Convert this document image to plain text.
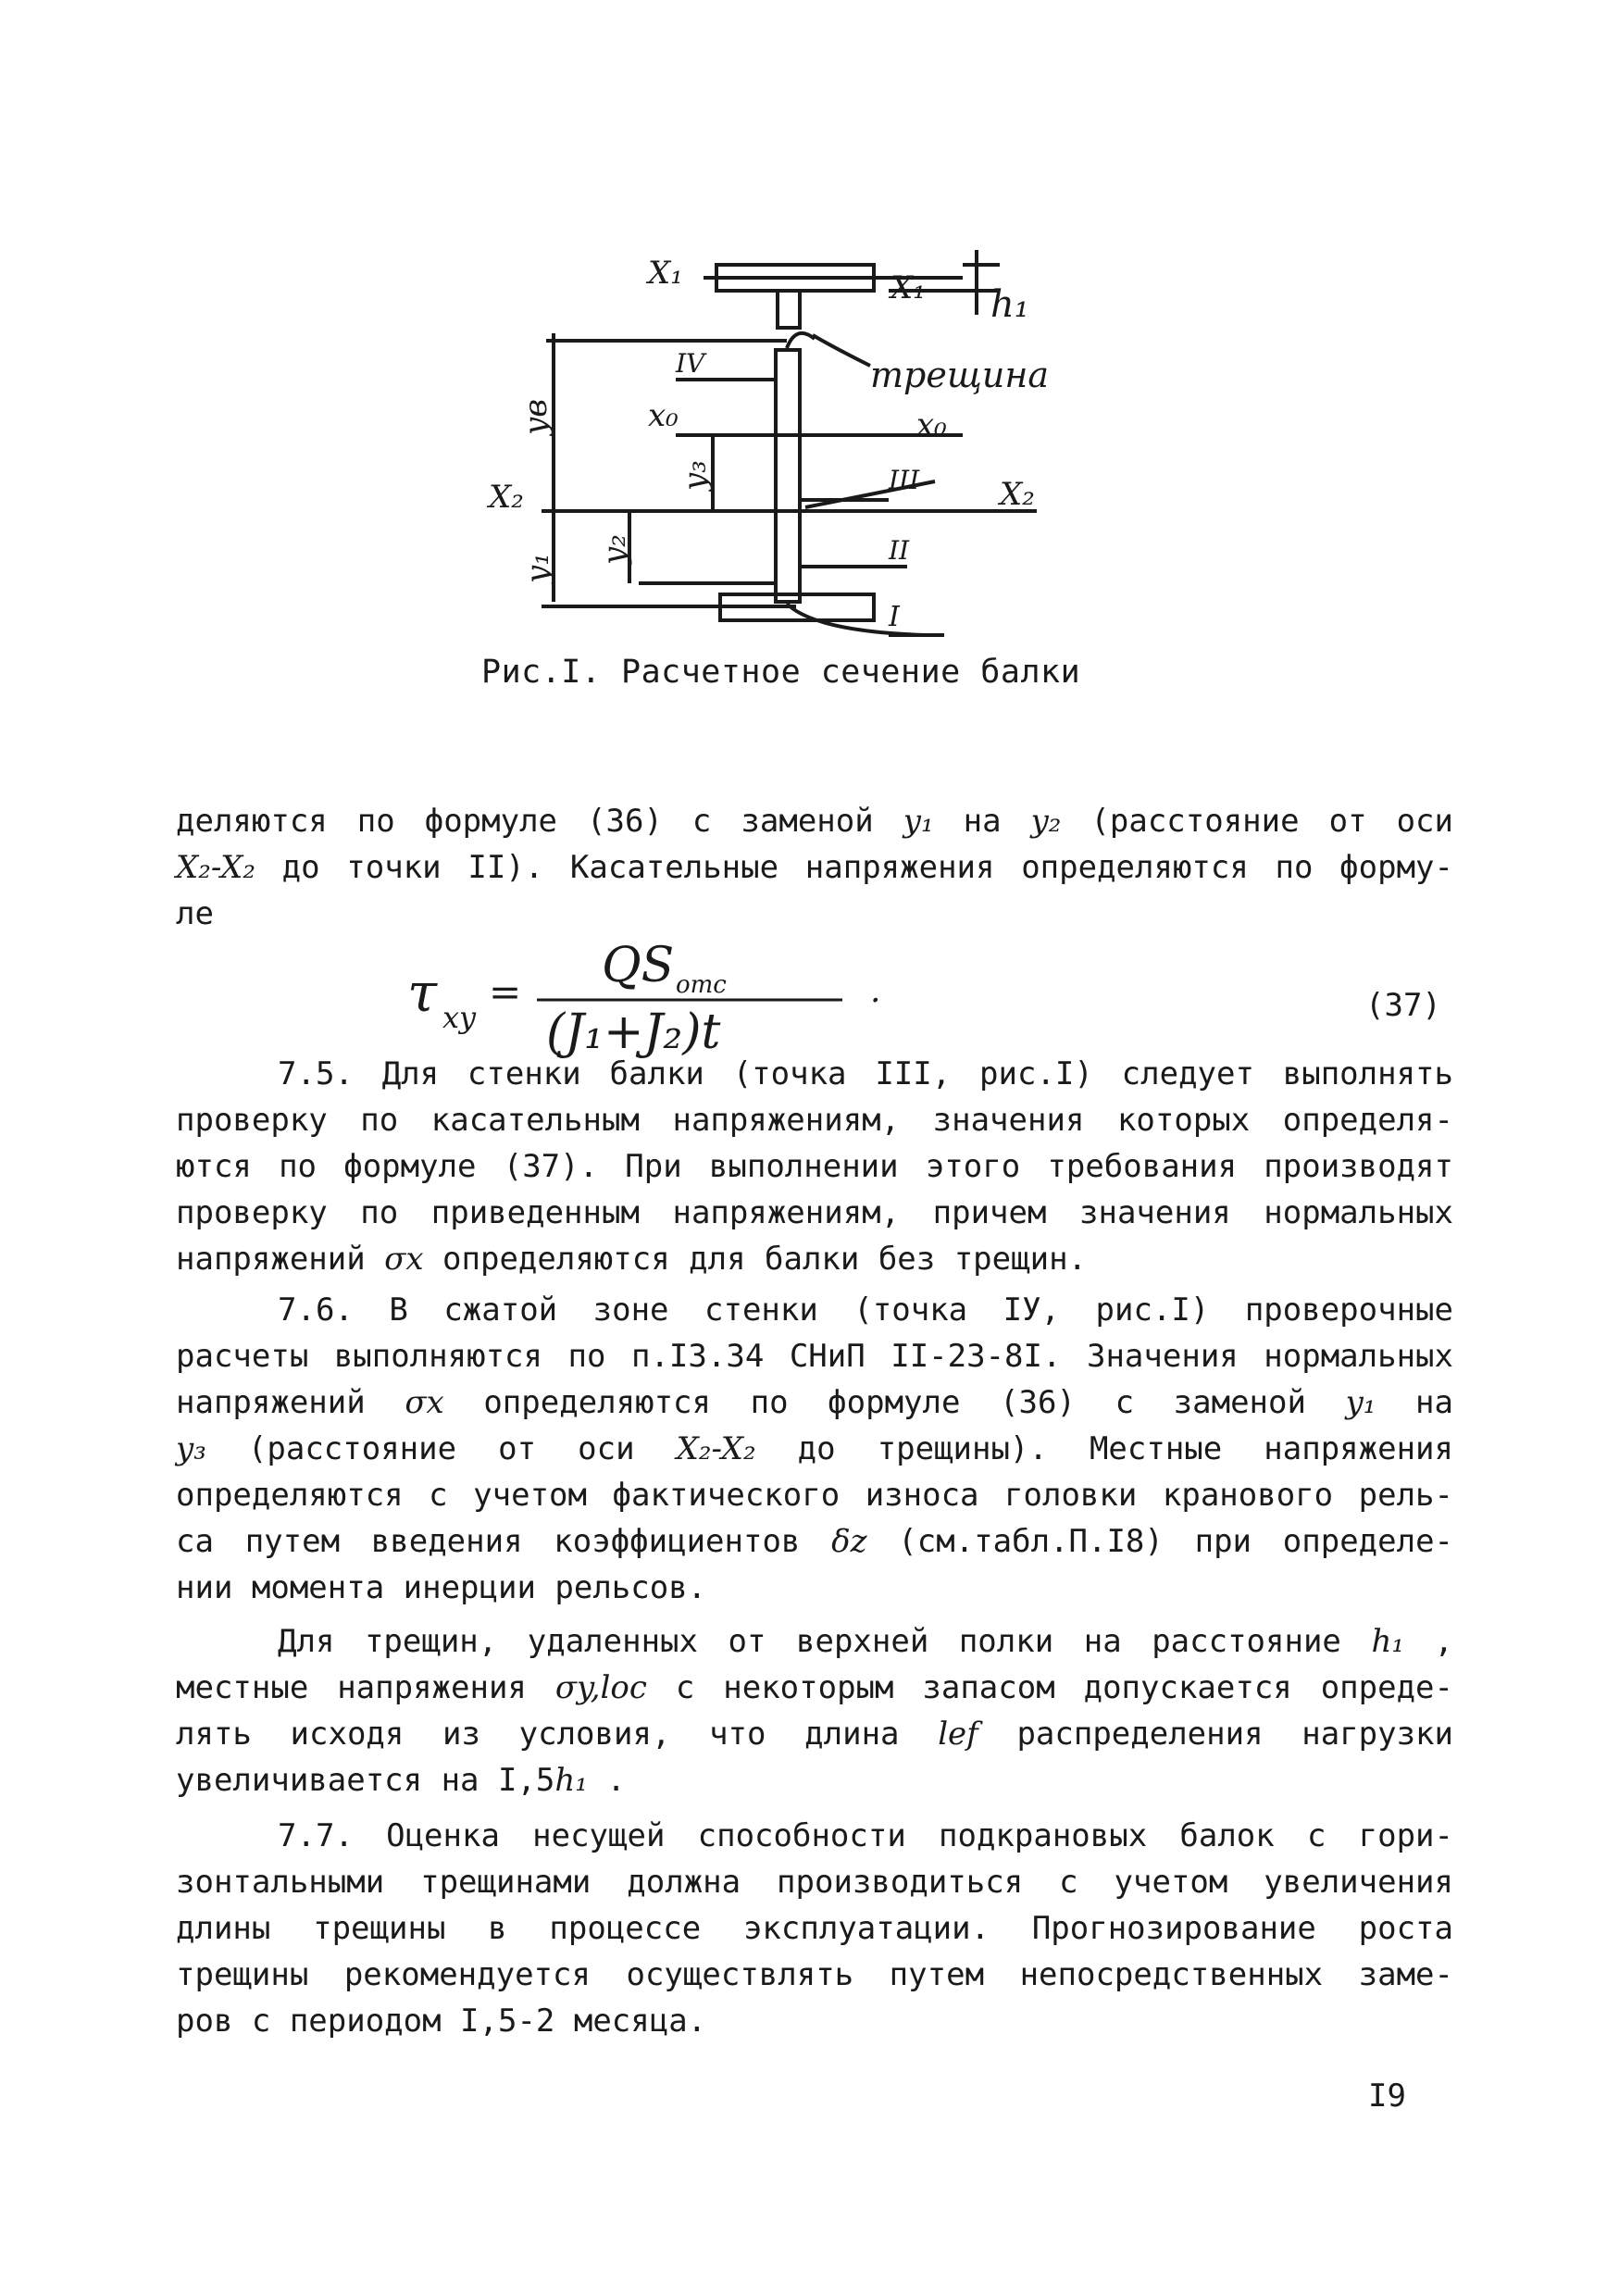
X₁	X₁ h₁
трещина
IV
x₀	x₀
X₂	X₂
III
II
I
yв
y₃
y₂
y₁
Рис.I. Расчетное сечение балки
деляются по формуле (36) с заменой y₁ на y₂ (расстояние от оси
X₂-X₂ до точки II). Касательные напряжения определяются по форму-
ле
τ xy
= QS отс
(J₁+J₂)t
.	(37)
7.5. Для стенки балки (точка III, рис.I) следует выполнять
проверку по касательным напряжениям, значения которых определя-
ются по формуле (37). При выполнении этого требования производят
проверку по приведенным напряжениям, причем значения нормальных
напряжений σx определяются для балки без трещин.
7.6. В сжатой зоне стенки (точка IУ, рис.I) проверочные
расчеты выполняются по п.I3.34 СНиП II-23-8I. Значения нормальных
напряжений σx определяются по формуле (36) с заменой y₁ на
y₃ (расстояние от оси X₂-X₂ до трещины). Местные напряжения
определяются с учетом фактического износа головки кранового рель-
са путем введения коэффициентов δz (см.табл.П.I8) при определе-
нии момента инерции рельсов.
Для трещин, удаленных от верхней полки на расстояние h₁ ,
местные напряжения σy,loc с некоторым запасом допускается опреде-
лять исходя из условия, что длина lef распределения нагрузки
увеличивается на I,5h₁ .
7.7. Оценка несущей способности подкрановых балок с гори-
зонтальными трещинами должна производиться с учетом увеличения
длины трещины в процессе эксплуатации. Прогнозирование роста
трещины рекомендуется осуществлять путем непосредственных заме-
ров с периодом I,5-2 месяца.
I9
